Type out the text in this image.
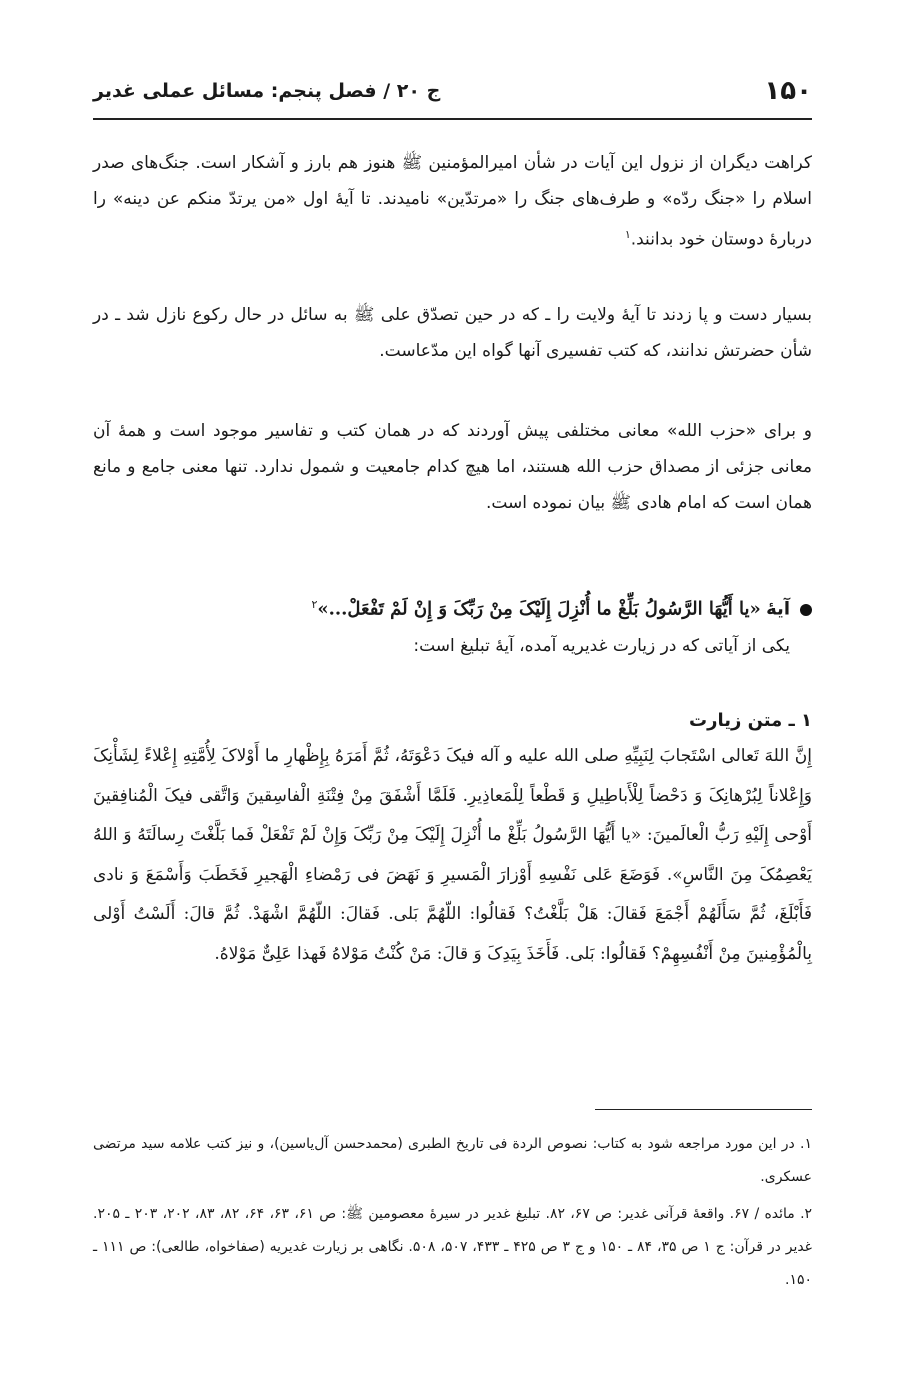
۱۵۰
ج ۲۰ / فصل پنجم: مسائل عملی غدیر
کراهت دیگران از نزول این آیات در شأن امیرالمؤمنین ﷺ هنوز هم بارز و آشکار است. جنگ‌های صدر اسلام را «جنگ ردّه» و طرف‌های جنگ را «مرتدّین» نامیدند. تا آیهٔ اول «من یرتدّ منکم عن دینه» را دربارهٔ دوستان خود بدانند.$^۱$
بسیار دست و پا زدند تا آیهٔ ولایت را ـ که در حین تصدّق علی ﷺ به سائل در حال رکوع نازل شد ـ در شأن حضرتش ندانند، که کتب تفسیری آنها گواه این مدّعاست.
و برای «حزب الله» معانی مختلفی پیش آوردند که در همان کتب و تفاسیر موجود است و همهٔ آن معانی جزئی از مصداق حزب الله هستند، اما هیچ کدام جامعیت و شمول ندارد. تنها معنی جامع و مانع همان است که امام هادی ﷺ بیان نموده است.
آیهٔ «یا أَیُّهَا الرَّسُولُ بَلِّغْ ما أُنْزِلَ إِلَیْکَ مِنْ رَبِّکَ وَ إِنْ لَمْ تَفْعَلْ...»$^۲$
یکی از آیاتی که در زیارت غدیریه آمده، آیهٔ تبلیغ است:
۱ ـ متن زیارت
إِنَّ اللهَ تَعالی اسْتَجابَ لِنَبِیِّهِ صلی الله علیه و آله فیکَ دَعْوَتَهُ، ثُمَّ أَمَرَهُ بِإِظْهارِ ما أَوْلاکَ لِأُمَّتِهِ إِعْلاءً لِشَأْنِکَ وَإِعْلاناً لِبُرْهانِکَ وَ دَحْضاً لِلْأَباطِیلِ وَ قَطْعاً لِلْمَعاذِیرِ. فَلَمَّا أَشْفَقَ مِنْ فِتْنَةِ الْفاسِقینَ وَاتَّقی فیکَ الْمُنافِقینَ أَوْحی إِلَیْهِ رَبُّ الْعالَمینَ: «یا أَیُّهَا الرَّسُولُ بَلِّغْ ما أُنْزِلَ إِلَیْکَ مِنْ رَبِّکَ وَإِنْ لَمْ تَفْعَلْ فَما بَلَّغْتَ رِسالَتَهُ وَ اللهُ یَعْصِمُکَ مِنَ النَّاسِ». فَوَضَعَ عَلی نَفْسِهِ أَوْزارَ الْمَسیرِ وَ نَهَضَ فی رَمْضاءِ الْهَجیرِ فَخَطَبَ وَأَسْمَعَ وَ نادی فَأَبْلَغَ، ثُمَّ سَأَلَهُمْ أَجْمَعَ فَقالَ: هَلْ بَلَّغْتُ؟ فَقالُوا: اللّهُمَّ بَلی. فَقالَ: اللّهُمَّ اشْهَدْ. ثُمَّ قالَ: أَلَسْتُ أَوْلی بِالْمُؤْمِنینَ مِنْ أَنْفُسِهِمْ؟ فَقالُوا: بَلی. فَأَخَذَ بِیَدِکَ وَ قالَ: مَنْ کُنْتُ مَوْلاهُ فَهذا عَلِیٌّ مَوْلاهُ.
۱. در این مورد مراجعه شود به کتاب: نصوص الردة فی تاریخ الطبری (محمدحسن آل‌یاسین)، و نیز کتب علامه سید مرتضی عسکری.
۲. مائده / ۶۷. واقعهٔ قرآنی غدیر: ص ۶۷، ۸۲. تبلیغ غدیر در سیرهٔ معصومین ﷺ: ص ۶۱، ۶۳، ۶۴، ۸۲، ۸۳، ۲۰۲، ۲۰۳ ـ ۲۰۵. غدیر در قرآن: ج ۱ ص ۳۵، ۸۴ ـ ۱۵۰ و ج ۳ ص ۴۲۵ ـ ۴۳۳، ۵۰۷، ۵۰۸. نگاهی بر زیارت غدیریه (صفاخواه، طالعی): ص ۱۱۱ ـ ۱۵۰.
